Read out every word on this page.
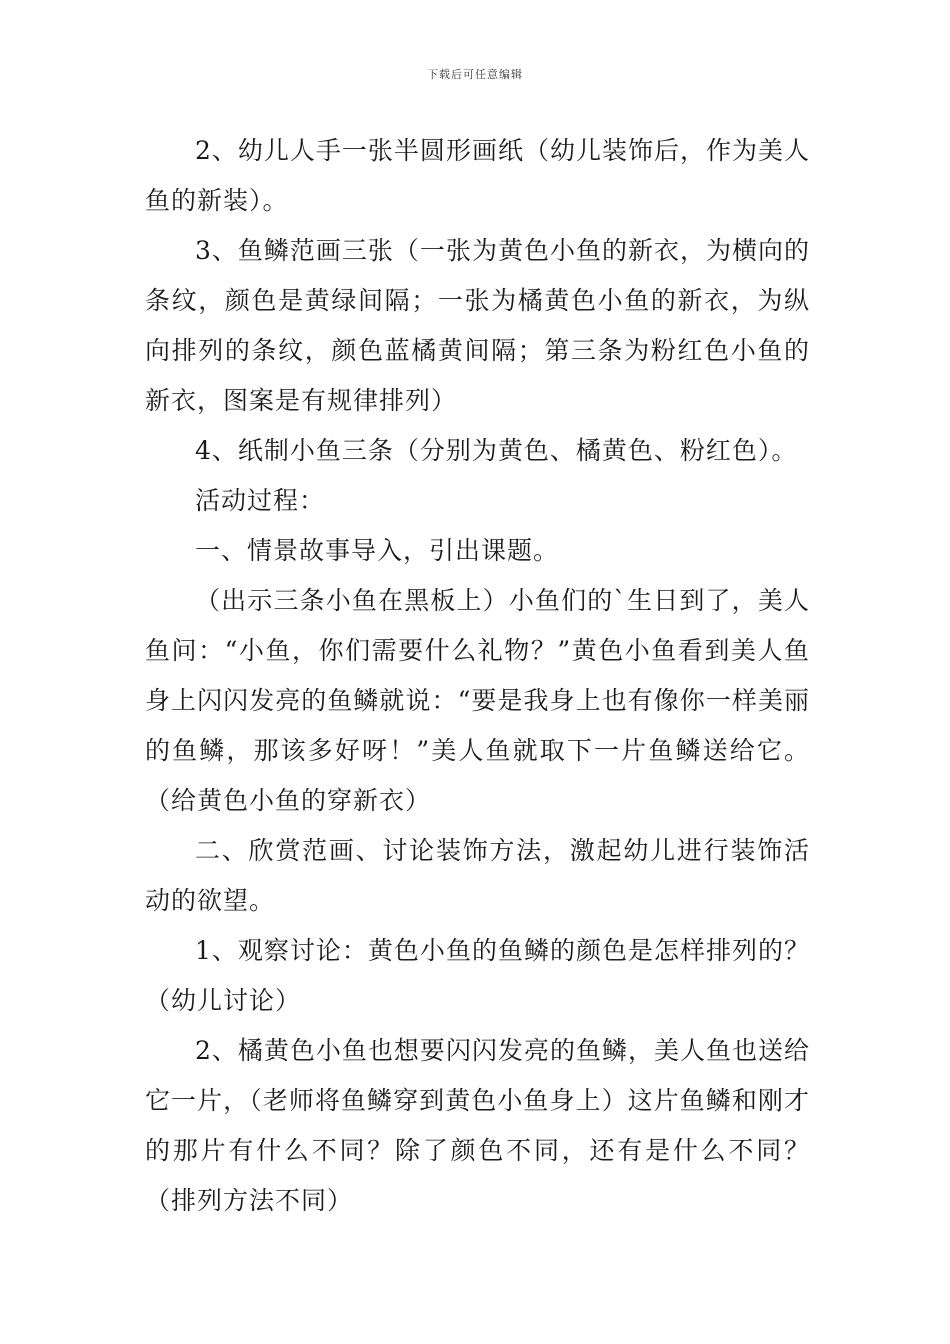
下载后可任意编辑

2、幼儿人手一张半圆形画纸（幼儿装饰后，作为美人鱼的新装）。

3、鱼鳞范画三张（一张为黄色小鱼的新衣，为横向的条纹，颜色是黄绿间隔；一张为橘黄色小鱼的新衣，为纵向排列的条纹，颜色蓝橘黄间隔；第三条为粉红色小鱼的新衣，图案是有规律排列）

4、纸制小鱼三条（分别为黄色、橘黄色、粉红色）。

活动过程：

一、情景故事导入，引出课题。

（出示三条小鱼在黑板上）小鱼们的`生日到了，美人鱼问：“小鱼，你们需要什么礼物？”黄色小鱼看到美人鱼身上闪闪发亮的鱼鳞就说：“要是我身上也有像你一样美丽的鱼鳞，那该多好呀！”美人鱼就取下一片鱼鳞送给它。（给黄色小鱼的穿新衣）

二、欣赏范画、讨论装饰方法，激起幼儿进行装饰活动的欲望。

1、观察讨论：黄色小鱼的鱼鳞的颜色是怎样排列的？（幼儿讨论）

2、橘黄色小鱼也想要闪闪发亮的鱼鳞，美人鱼也送给它一片，（老师将鱼鳞穿到黄色小鱼身上）这片鱼鳞和刚才的那片有什么不同？除了颜色不同，还有是什么不同？（排列方法不同）
